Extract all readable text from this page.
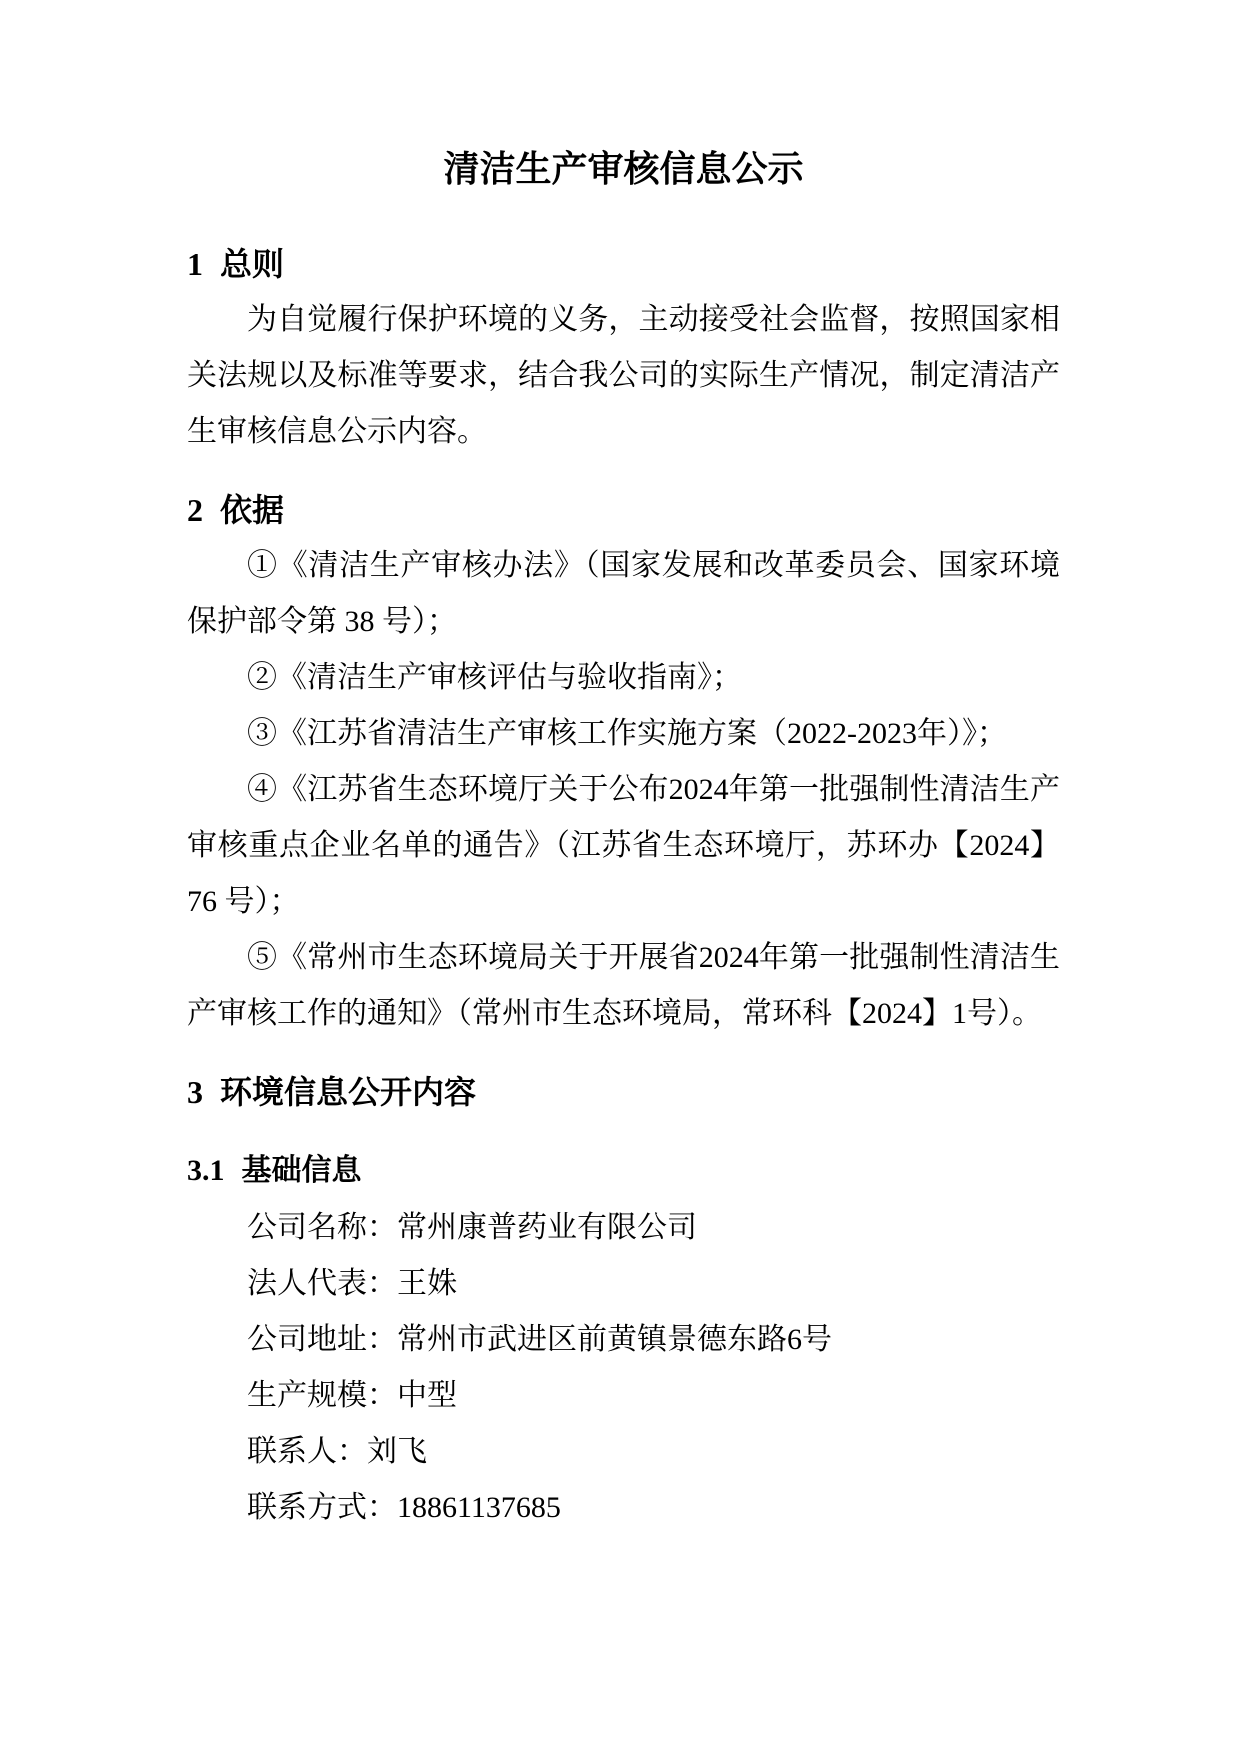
清洁生产审核信息公示
1 总则

为自觉履行保护环境的义务，主动接受社会监督，按照国家相关法规以及标准等要求，结合我公司的实际生产情况，制定清洁产生审核信息公示内容。

2 依据

①《清洁生产审核办法》（国家发展和改革委员会、国家环境保护部令第 38 号）；

②《清洁生产审核评估与验收指南》；

③《江苏省清洁生产审核工作实施方案（2022-2023年）》；

④《江苏省生态环境厅关于公布2024年第一批强制性清洁生产审核重点企业名单的通告》（江苏省生态环境厅，苏环办【2024】76 号）；

⑤《常州市生态环境局关于开展省2024年第一批强制性清洁生产审核工作的通知》（常州市生态环境局，常环科【2024】1号）。

3 环境信息公开内容
3.1 基础信息

公司名称：常州康普药业有限公司

法人代表：王姝

公司地址：常州市武进区前黄镇景德东路6号

生产规模：中型

联系人：刘飞

联系方式：18861137685
